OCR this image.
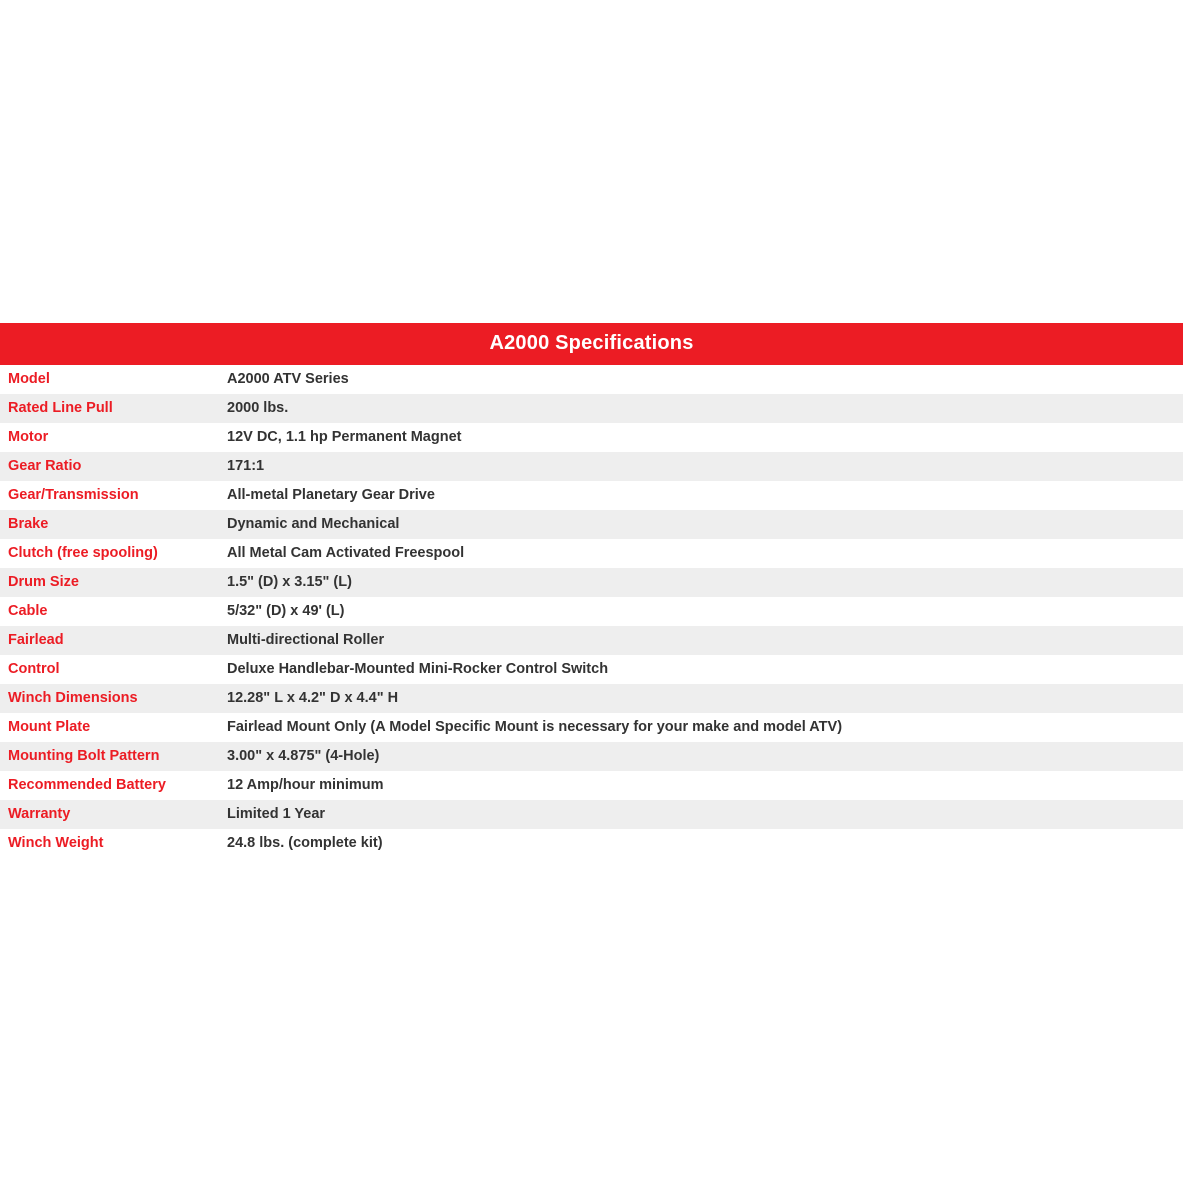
A2000 Specifications
Model	A2000 ATV Series
Rated Line Pull	2000 lbs.
Motor	12V DC, 1.1 hp Permanent Magnet
Gear Ratio	171:1
Gear/Transmission	All-metal Planetary Gear Drive
Brake	Dynamic and Mechanical
Clutch (free spooling)	All Metal Cam Activated Freespool
Drum Size	1.5" (D) x 3.15" (L)
Cable	5/32" (D) x 49' (L)
Fairlead	Multi-directional Roller
Control	Deluxe Handlebar-Mounted Mini-Rocker Control Switch
Winch Dimensions	12.28" L x 4.2" D x 4.4" H
Mount Plate	Fairlead Mount Only (A Model Specific Mount is necessary for your make and model ATV)
Mounting Bolt Pattern	3.00" x 4.875" (4-Hole)
Recommended Battery	12 Amp/hour minimum
Warranty	Limited 1 Year
Winch Weight	24.8 lbs. (complete kit)
